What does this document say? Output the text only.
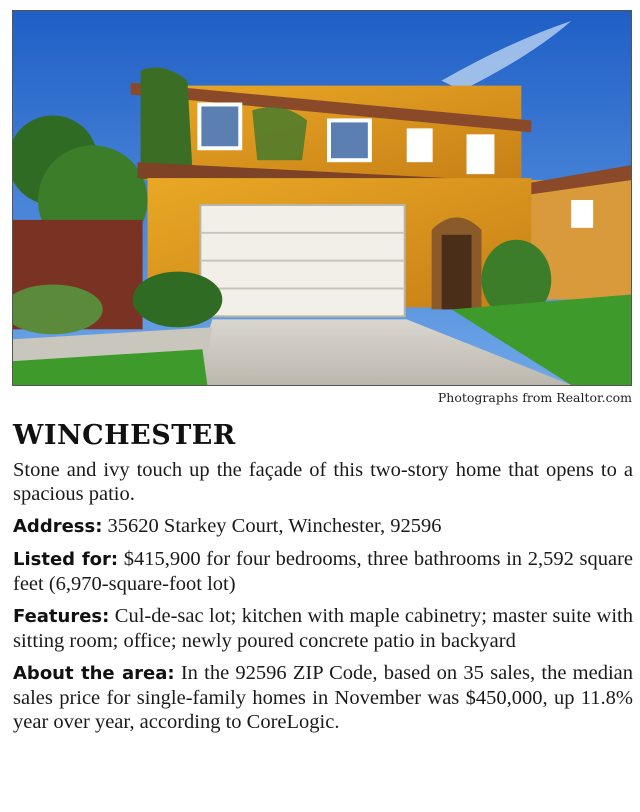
Photographs from Realtor.com
WINCHESTER

Stone and ivy touch up the façade of this two-story home that opens to a spacious patio.

Address: 35620 Starkey Court, Winchester, 92596

Listed for: $415,900 for four bedrooms, three bathrooms in 2,592 square feet (6,970-square-foot lot)

Features: Cul-de-sac lot; kitchen with maple cabinetry; master suite with sitting room; office; newly poured concrete patio in backyard

About the area: In the 92596 ZIP Code, based on 35 sales, the median sales price for single-family homes in November was $450,000, up 11.8% year over year, according to CoreLogic.
